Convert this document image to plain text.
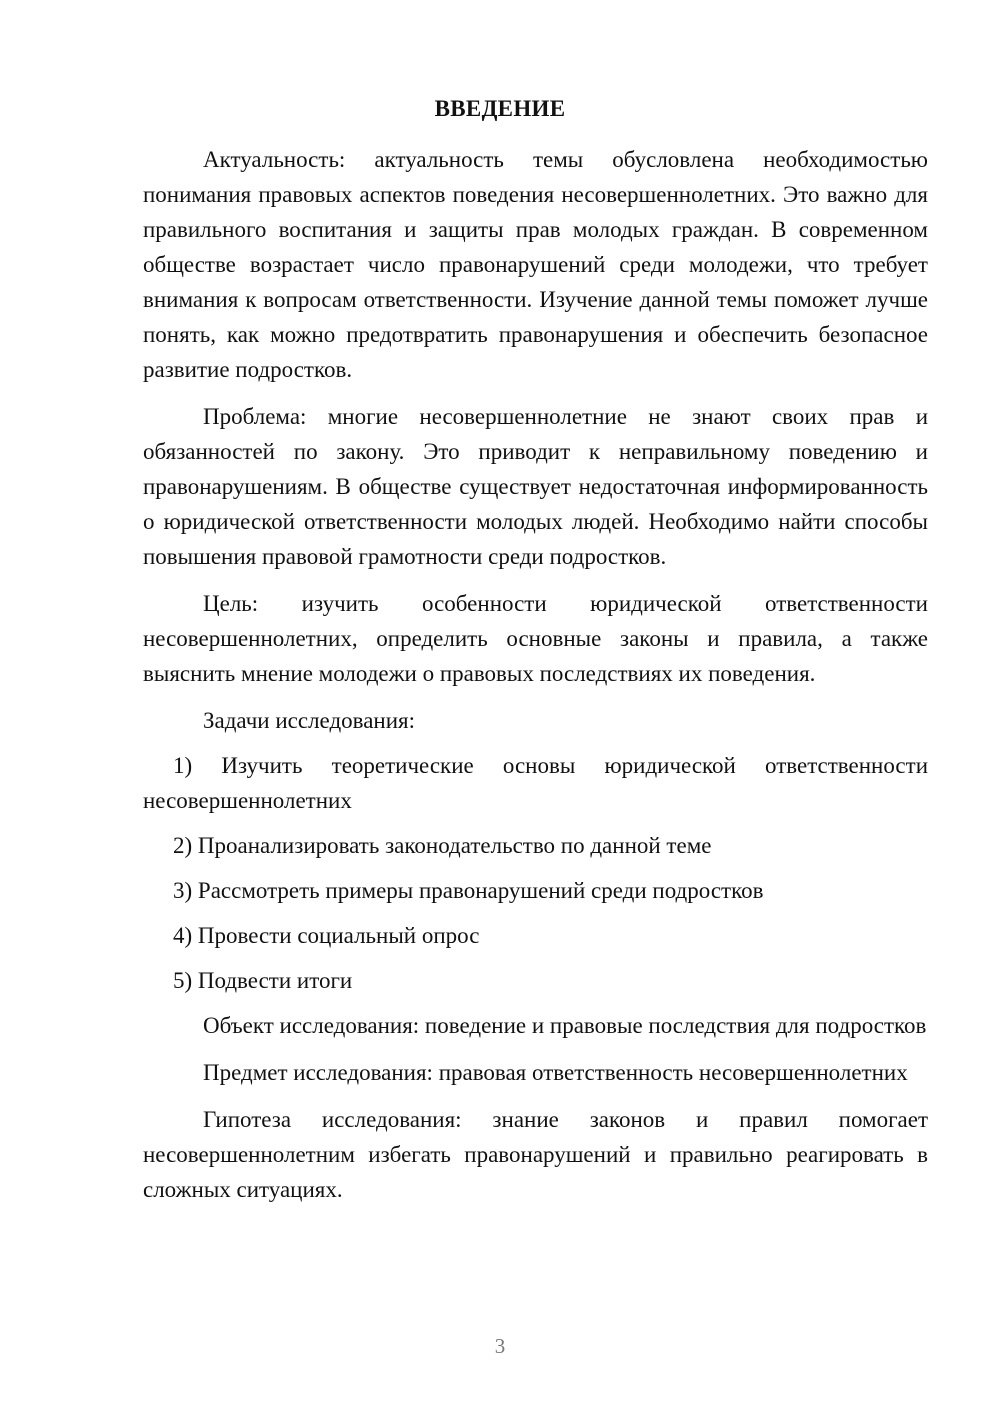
ВВЕДЕНИЕ

Актуальность: актуальность темы обусловлена необходимостью понимания правовых аспектов поведения несовершеннолетних. Это важно для правильного воспитания и защиты прав молодых граждан. В современном обществе возрастает число правонарушений среди молодежи, что требует внимания к вопросам ответственности. Изучение данной темы поможет лучше понять, как можно предотвратить правонарушения и обеспечить безопасное развитие подростков.

Проблема: многие несовершеннолетние не знают своих прав и обязанностей по закону. Это приводит к неправильному поведению и правонарушениям. В обществе существует недостаточная информированность о юридической ответственности молодых людей. Необходимо найти способы повышения правовой грамотности среди подростков.

Цель: изучить особенности юридической ответственности несовершеннолетних, определить основные законы и правила, а также выяснить мнение молодежи о правовых последствиях их поведения.

Задачи исследования:

1) Изучить теоретические основы юридической ответственности несовершеннолетних

2) Проанализировать законодательство по данной теме

3) Рассмотреть примеры правонарушений среди подростков

4) Провести социальный опрос

5) Подвести итоги

Объект исследования: поведение и правовые последствия для подростков

Предмет исследования: правовая ответственность несовершеннолетних

Гипотеза исследования: знание законов и правил помогает несовершеннолетним избегать правонарушений и правильно реагировать в сложных ситуациях.

3
